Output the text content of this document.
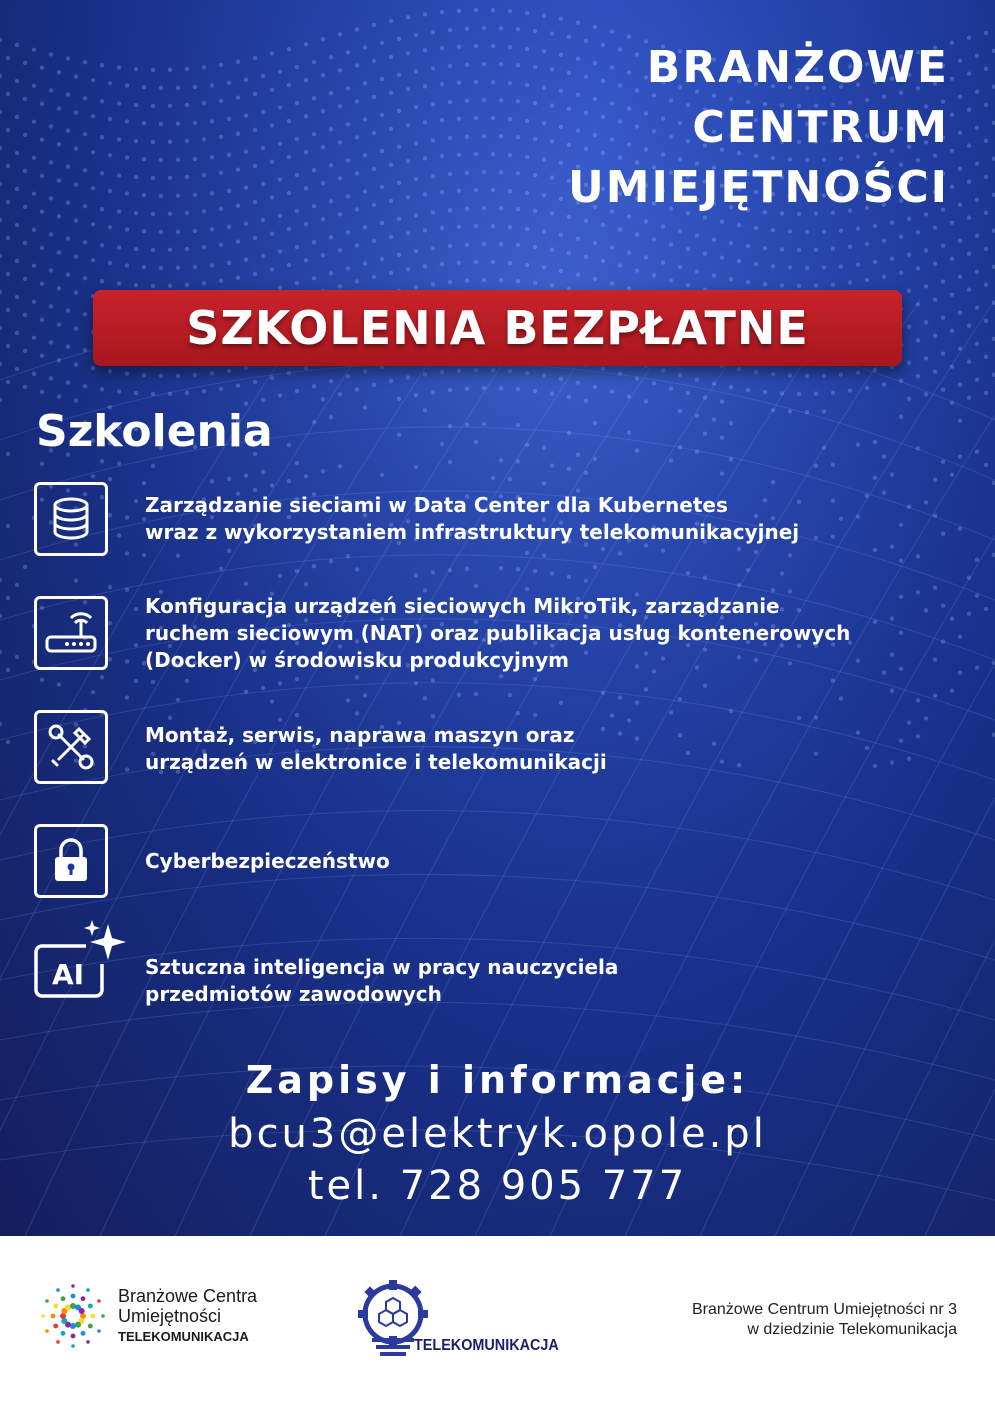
BRANŻOWE
CENTRUM
UMIEJĘTNOŚCI
SZKOLENIA BEZPŁATNE
Szkolenia
Zarządzanie sieciami w Data Center dla Kubernetes
wraz z wykorzystaniem infrastruktury telekomunikacyjnej
Konfiguracja urządzeń sieciowych MikroTik, zarządzanie
ruchem sieciowym (NAT) oraz publikacja usług kontenerowych
(Docker) w środowisku produkcyjnym
Montaż, serwis, naprawa maszyn oraz
urządzeń w elektronice i telekomunikacji
Cyberbezpieczeństwo
AI	Sztuczna inteligencja w pracy nauczyciela
przedmiotów zawodowych
Zapisy i informacje:
bcu3@elektryk.opole.pl
tel. 728 905 777
Branżowe Centra
Umiejętności
TELEKOMUNIKACJA
TELEKOMUNIKACJA
Branżowe Centrum Umiejętności nr 3
w dziedzinie Telekomunikacja
